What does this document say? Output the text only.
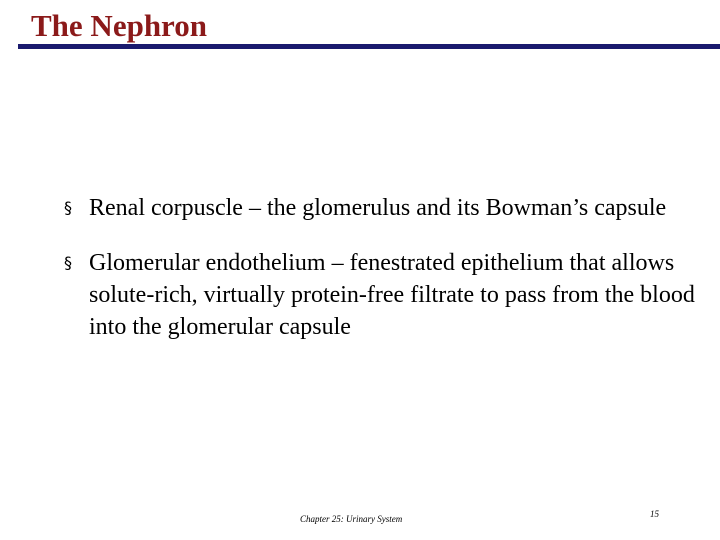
The Nephron
§ Renal corpuscle – the glomerulus and its Bowman’s capsule
§ Glomerular endothelium – fenestrated epithelium that allows solute-rich, virtually protein-free filtrate to pass from the blood into the glomerular capsule
Chapter 25: Urinary System	15
